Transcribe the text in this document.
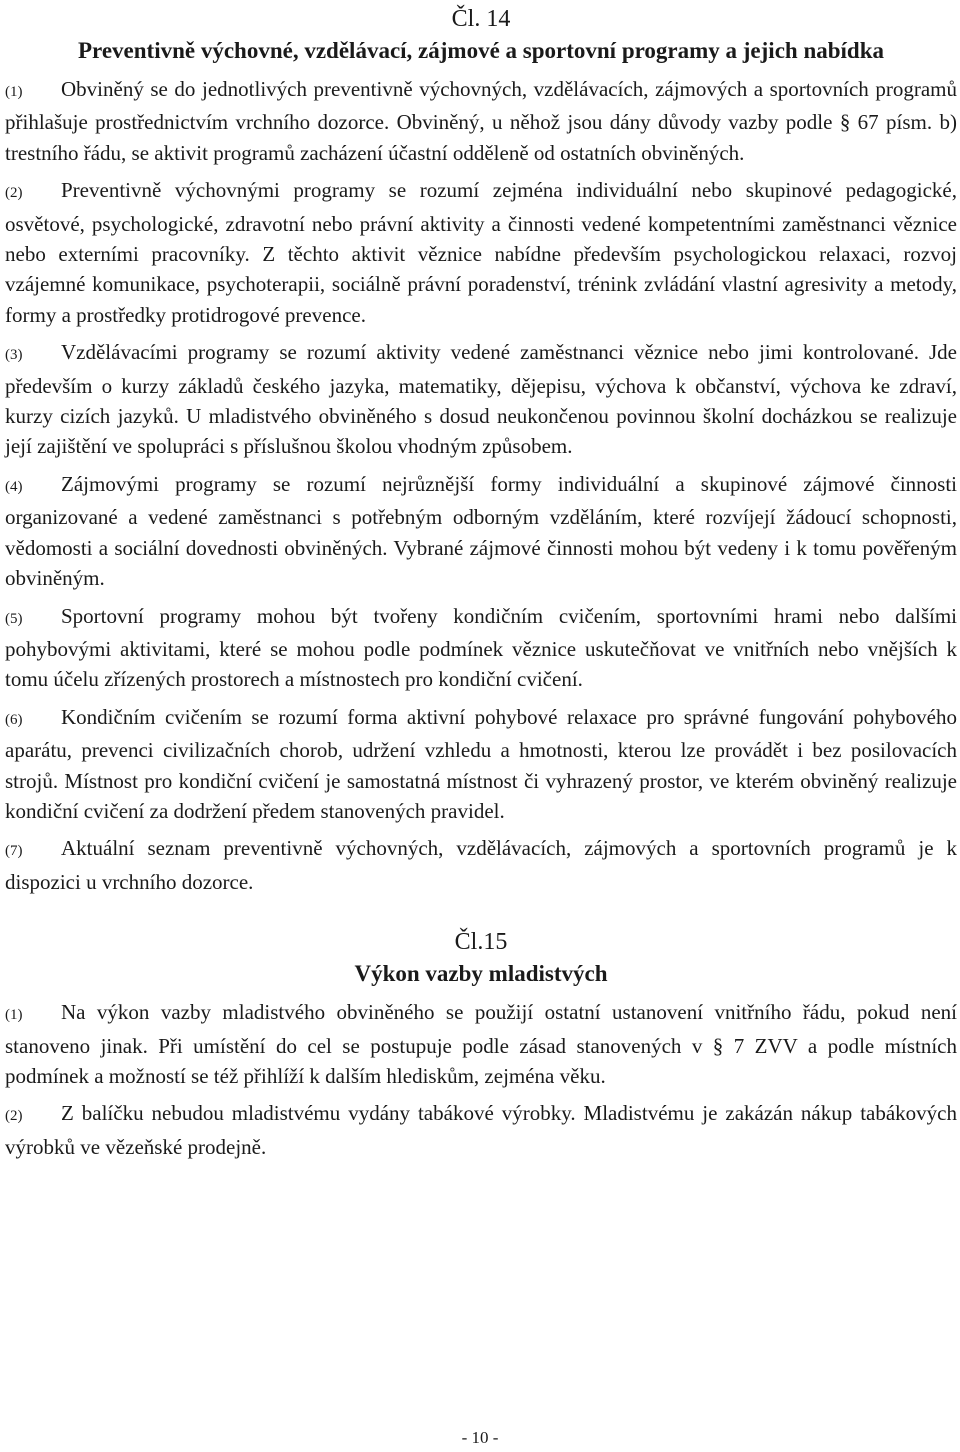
Čl. 14
Preventivně výchovné, vzdělávací, zájmové a sportovní programy a jejich nabídka

(1) Obviněný se do jednotlivých preventivně výchovných, vzdělávacích, zájmových a sportovních programů přihlašuje prostřednictvím vrchního dozorce. Obviněný, u něhož jsou dány důvody vazby podle § 67 písm. b) trestního řádu, se aktivit programů zacházení účastní odděleně od ostatních obviněných.

(2) Preventivně výchovnými programy se rozumí zejména individuální nebo skupinové pedagogické, osvětové, psychologické, zdravotní nebo právní aktivity a činnosti vedené kompetentními zaměstnanci věznice nebo externími pracovníky. Z těchto aktivit věznice nabídne především psychologickou relaxaci, rozvoj vzájemné komunikace, psychoterapii, sociálně právní poradenství, trénink zvládání vlastní agresivity a metody, formy a prostředky protidrogové prevence.

(3) Vzdělávacími programy se rozumí aktivity vedené zaměstnanci věznice nebo jimi kontrolované. Jde především o kurzy základů českého jazyka, matematiky, dějepisu, výchova k občanství, výchova ke zdraví, kurzy cizích jazyků. U mladistvého obviněného s dosud neukončenou povinnou školní docházkou se realizuje její zajištění ve spolupráci s příslušnou školou vhodným způsobem.

(4) Zájmovými programy se rozumí nejrůznější formy individuální a skupinové zájmové činnosti organizované a vedené zaměstnanci s potřebným odborným vzděláním, které rozvíjejí žádoucí schopnosti, vědomosti a sociální dovednosti obviněných. Vybrané zájmové činnosti mohou být vedeny i k tomu pověřeným obviněným.

(5) Sportovní programy mohou být tvořeny kondičním cvičením, sportovními hrami nebo dalšími pohybovými aktivitami, které se mohou podle podmínek věznice uskutečňovat ve vnitřních nebo vnějších k tomu účelu zřízených prostorech a místnostech pro kondiční cvičení.

(6) Kondičním cvičením se rozumí forma aktivní pohybové relaxace pro správné fungování pohybového aparátu, prevenci civilizačních chorob, udržení vzhledu a hmotnosti, kterou lze provádět i bez posilovacích strojů. Místnost pro kondiční cvičení je samostatná místnost či vyhrazený prostor, ve kterém obviněný realizuje kondiční cvičení za dodržení předem stanovených pravidel.

(7) Aktuální seznam preventivně výchovných, vzdělávacích, zájmových a sportovních programů je k dispozici u vrchního dozorce.

Čl.15
Výkon vazby mladistvých

(1) Na výkon vazby mladistvého obviněného se použijí ostatní ustanovení vnitřního řádu, pokud není stanoveno jinak. Při umístění do cel se postupuje podle zásad stanovených v § 7 ZVV a podle místních podmínek a možností se též přihlíží k dalším hlediskům, zejména věku.

(2) Z balíčku nebudou mladistvému vydány tabákové výrobky. Mladistvému je zakázán nákup tabákových výrobků ve vězeňské prodejně.

- 10 -
